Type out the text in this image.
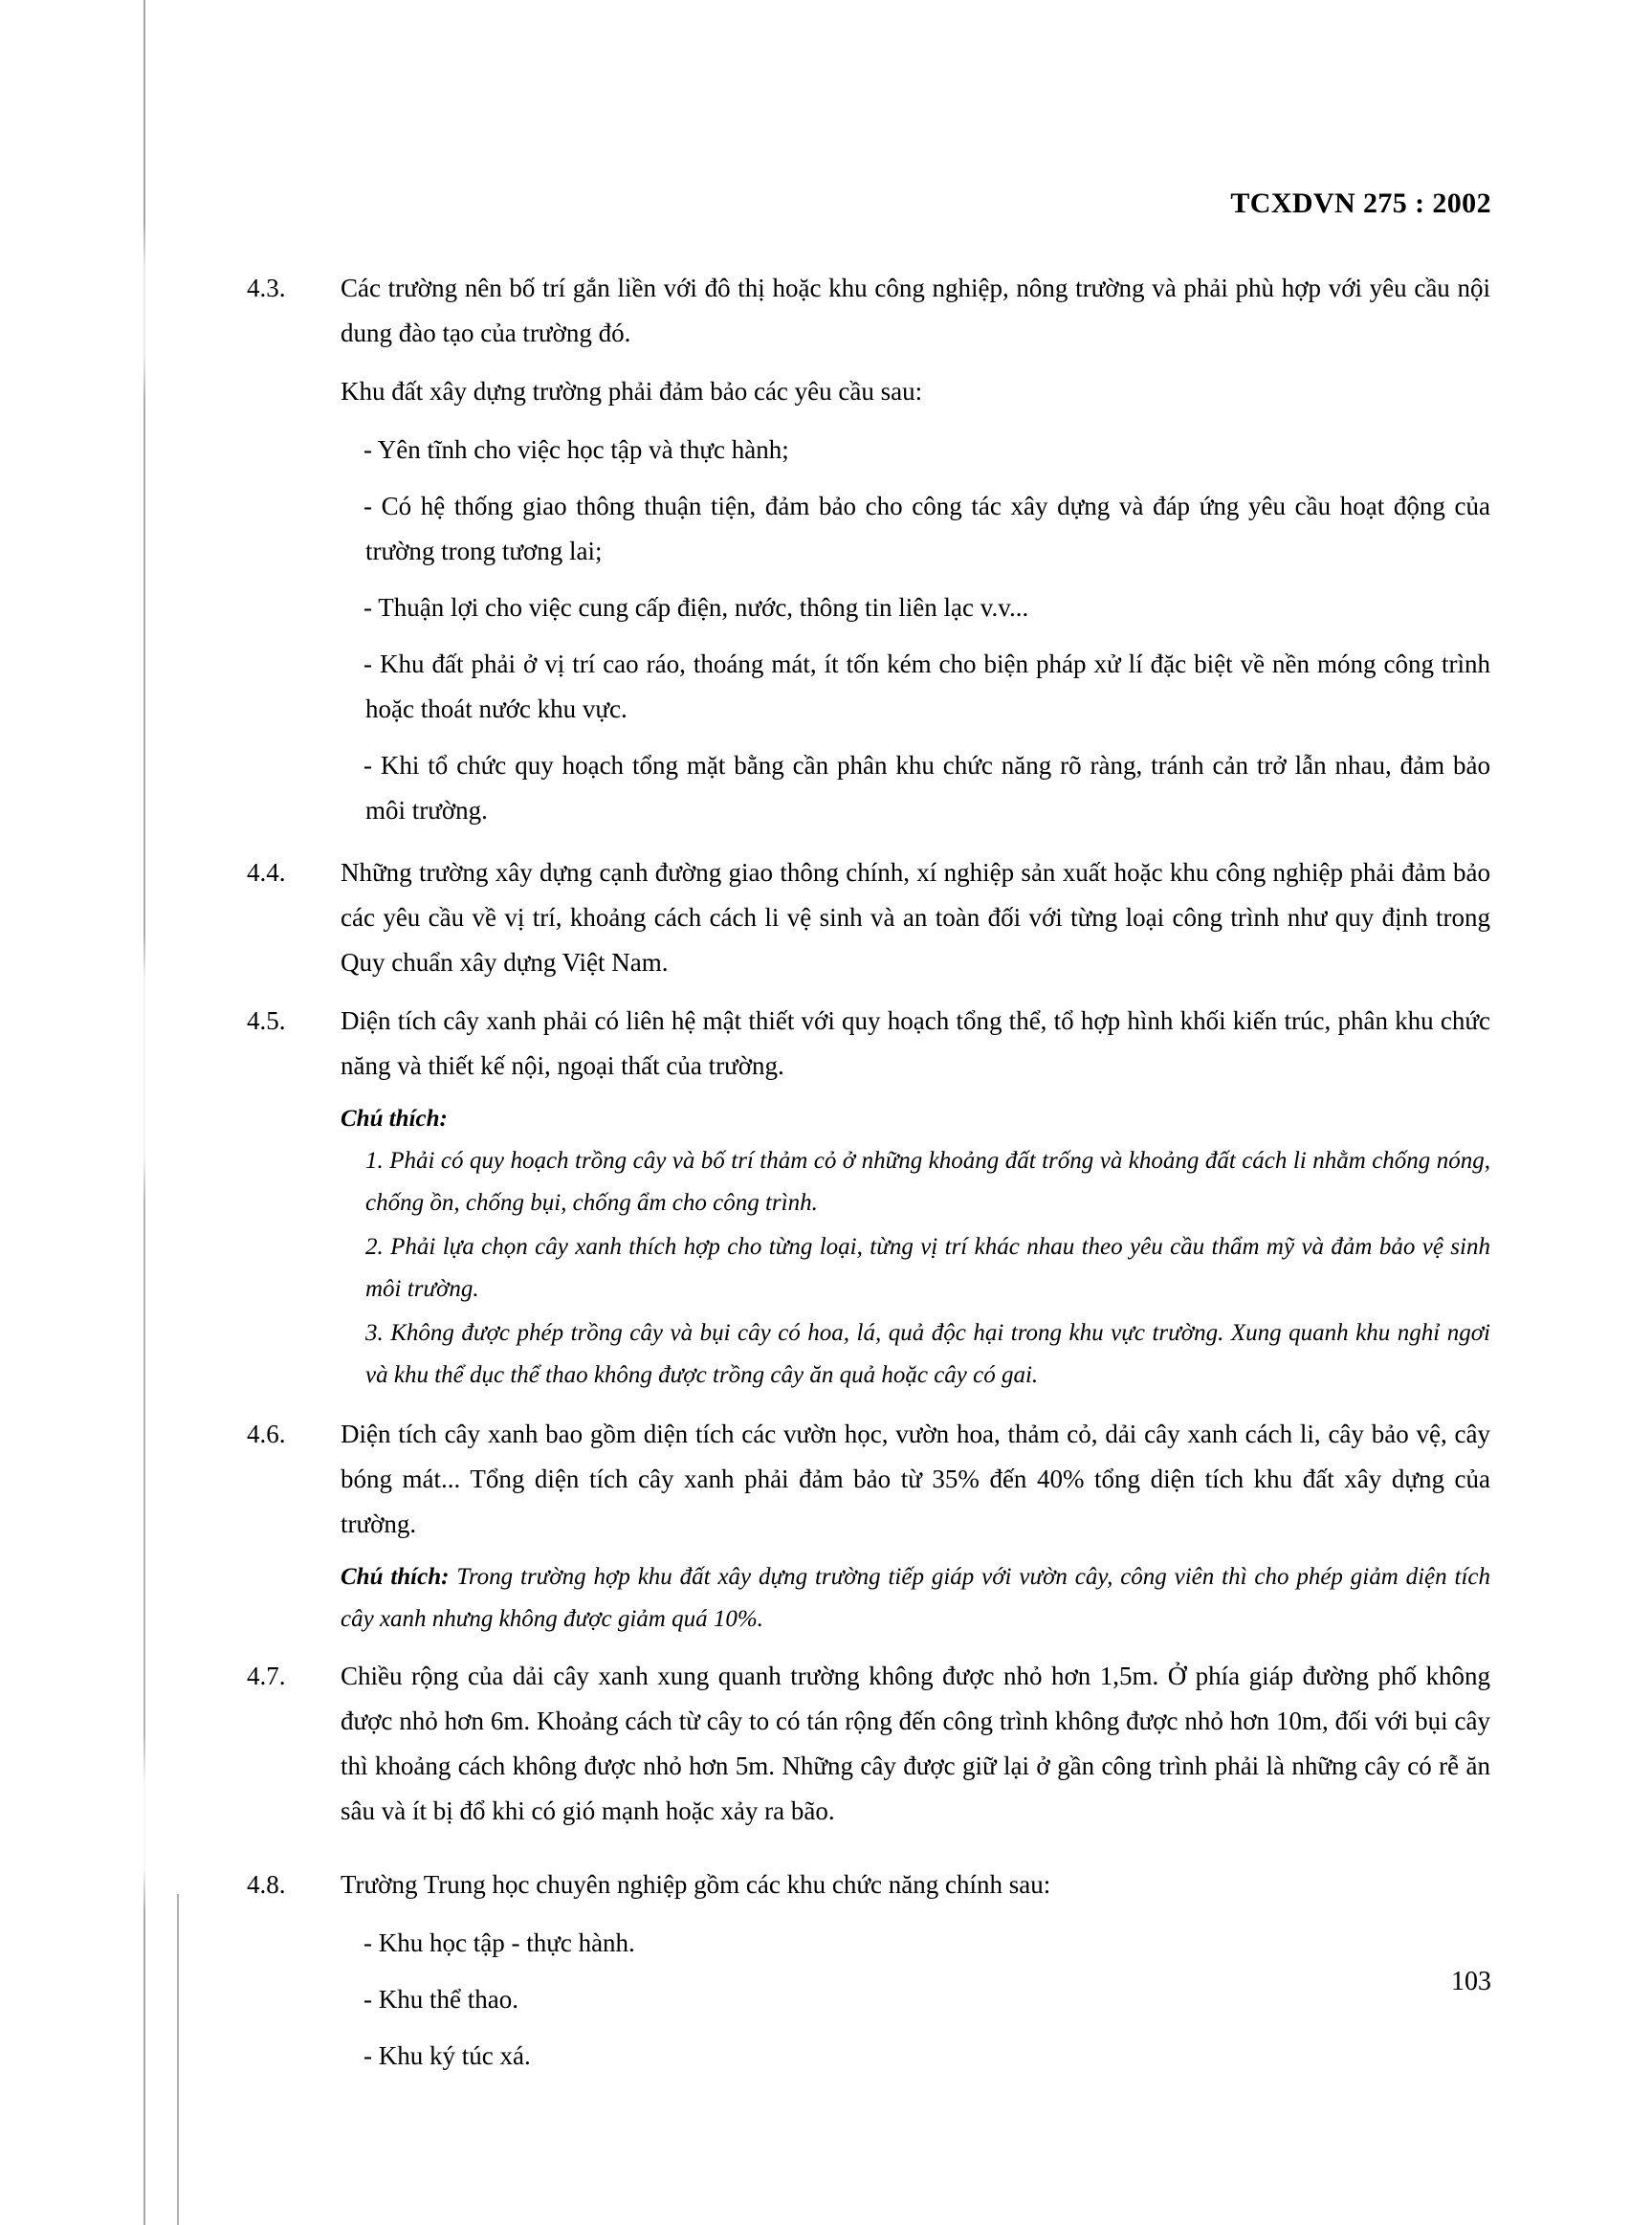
TCXDVN 275 : 2002
4.3.	Các trường nên bố trí gắn liền với đô thị hoặc khu công nghiệp, nông trường và phải phù hợp với yêu cầu nội dung đào tạo của trường đó.

Khu đất xây dựng trường phải đảm bảo các yêu cầu sau:

- Yên tĩnh cho việc học tập và thực hành;

- Có hệ thống giao thông thuận tiện, đảm bảo cho công tác xây dựng và đáp ứng yêu cầu hoạt động của trường trong tương lai;

- Thuận lợi cho việc cung cấp điện, nước, thông tin liên lạc v.v...

- Khu đất phải ở vị trí cao ráo, thoáng mát, ít tốn kém cho biện pháp xử lí đặc biệt về nền móng công trình hoặc thoát nước khu vực.

- Khi tổ chức quy hoạch tổng mặt bằng cần phân khu chức năng rõ ràng, tránh cản trở lẫn nhau, đảm bảo môi trường.

4.4.	Những trường xây dựng cạnh đường giao thông chính, xí nghiệp sản xuất hoặc khu công nghiệp phải đảm bảo các yêu cầu về vị trí, khoảng cách cách li vệ sinh và an toàn đối với từng loại công trình như quy định trong Quy chuẩn xây dựng Việt Nam.

4.5.	Diện tích cây xanh phải có liên hệ mật thiết với quy hoạch tổng thể, tổ hợp hình khối kiến trúc, phân khu chức năng và thiết kế nội, ngoại thất của trường.

Chú thích:

1. Phải có quy hoạch trồng cây và bố trí thảm cỏ ở những khoảng đất trống và khoảng đất cách li nhằm chống nóng, chống ồn, chống bụi, chống ẩm cho công trình.

2. Phải lựa chọn cây xanh thích hợp cho từng loại, từng vị trí khác nhau theo yêu cầu thẩm mỹ và đảm bảo vệ sinh môi trường.

3. Không được phép trồng cây và bụi cây có hoa, lá, quả độc hại trong khu vực trường. Xung quanh khu nghỉ ngơi và khu thể dục thể thao không được trồng cây ăn quả hoặc cây có gai.

4.6.	Diện tích cây xanh bao gồm diện tích các vườn học, vườn hoa, thảm cỏ, dải cây xanh cách li, cây bảo vệ, cây bóng mát... Tổng diện tích cây xanh phải đảm bảo từ 35% đến 40% tổng diện tích khu đất xây dựng của trường.

Chú thích: Trong trường hợp khu đất xây dựng trường tiếp giáp với vườn cây, công viên thì cho phép giảm diện tích cây xanh nhưng không được giảm quá 10%.

4.7.	Chiều rộng của dải cây xanh xung quanh trường không được nhỏ hơn 1,5m. Ở phía giáp đường phố không được nhỏ hơn 6m. Khoảng cách từ cây to có tán rộng đến công trình không được nhỏ hơn 10m, đối với bụi cây thì khoảng cách không được nhỏ hơn 5m. Những cây được giữ lại ở gần công trình phải là những cây có rễ ăn sâu và ít bị đổ khi có gió mạnh hoặc xảy ra bão.

4.8.	Trường Trung học chuyên nghiệp gồm các khu chức năng chính sau:

- Khu học tập - thực hành.

- Khu thể thao.

- Khu ký túc xá.

103
